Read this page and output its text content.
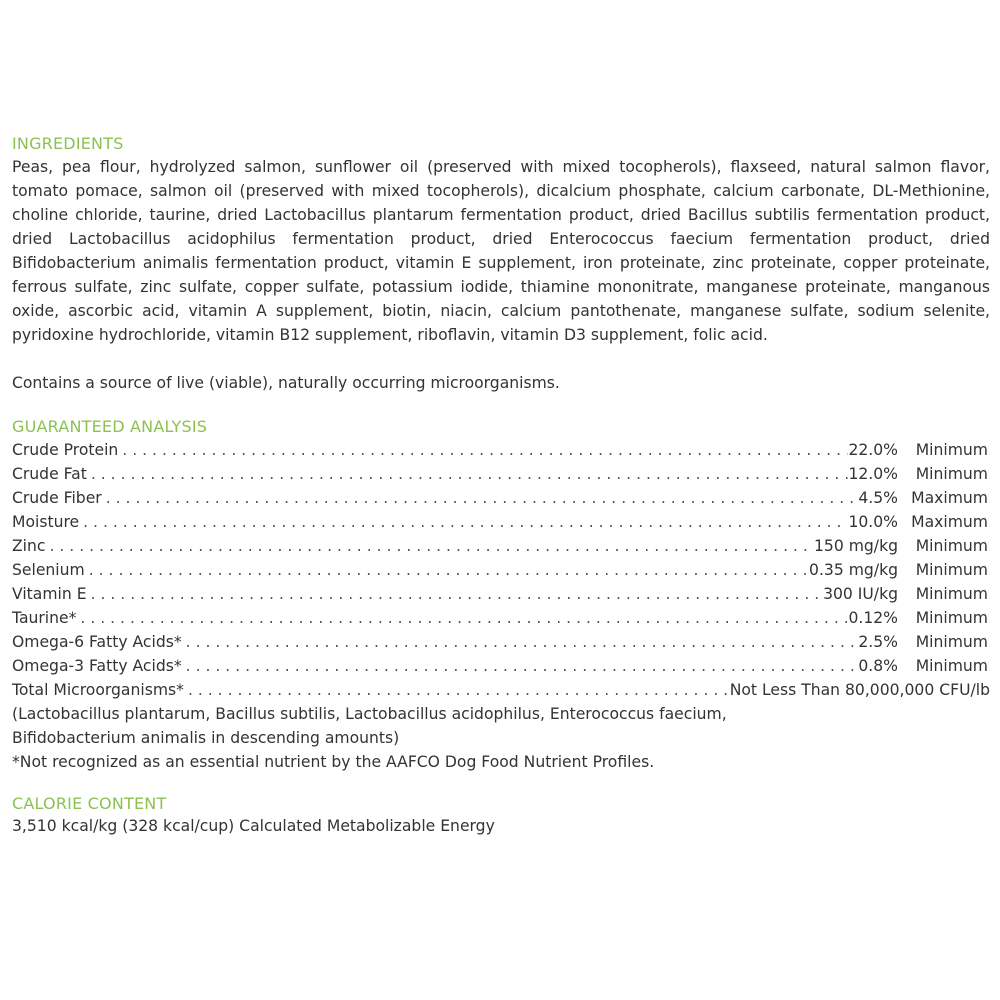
INGREDIENTS
Peas, pea flour, hydrolyzed salmon, sunflower oil (preserved with mixed tocopherols), flaxseed, natural salmon flavor, tomato pomace, salmon oil (preserved with mixed tocopherols), dicalcium phosphate, calcium carbonate, DL-Methionine, choline chloride, taurine, dried Lactobacillus plantarum fermentation product, dried Bacillus subtilis fermentation product, dried Lactobacillus acidophilus fermentation product, dried Enterococcus faecium fermentation product, dried Bifidobacterium animalis fermentation product, vitamin E supplement, iron proteinate, zinc proteinate, copper proteinate, ferrous sulfate, zinc sulfate, copper sulfate, potassium iodide, thiamine mononitrate, manganese proteinate, manganous oxide, ascorbic acid, vitamin A supplement, biotin, niacin, calcium pantothenate, manganese sulfate, sodium selenite, pyridoxine hydrochloride, vitamin B12 supplement, riboflavin, vitamin D3 supplement, folic acid.
Contains a source of live (viable), naturally occurring microorganisms.
GUARANTEED ANALYSIS
Crude Protein . . .	22.0%	Minimum
Crude Fat . . .	12.0%	Minimum
Crude Fiber . . .	4.5% Maximum
Moisture . . .	10.0% Maximum
Zinc . . .	150 mg/kg	Minimum
Selenium . . .	0.35 mg/kg	Minimum
Vitamin E . . .	300 IU/kg	Minimum
Taurine* . . .	0.12%	Minimum
Omega-6 Fatty Acids* . . .	2.5%	Minimum
Omega-3 Fatty Acids* . . .	0.8%	Minimum
Total Microorganisms* . . .	Not Less Than 80,000,000 CFU/lb
(Lactobacillus plantarum, Bacillus subtilis, Lactobacillus acidophilus, Enterococcus faecium,
Bifidobacterium animalis in descending amounts)
*Not recognized as an essential nutrient by the AAFCO Dog Food Nutrient Profiles.
CALORIE CONTENT
3,510 kcal/kg (328 kcal/cup) Calculated Metabolizable Energy
